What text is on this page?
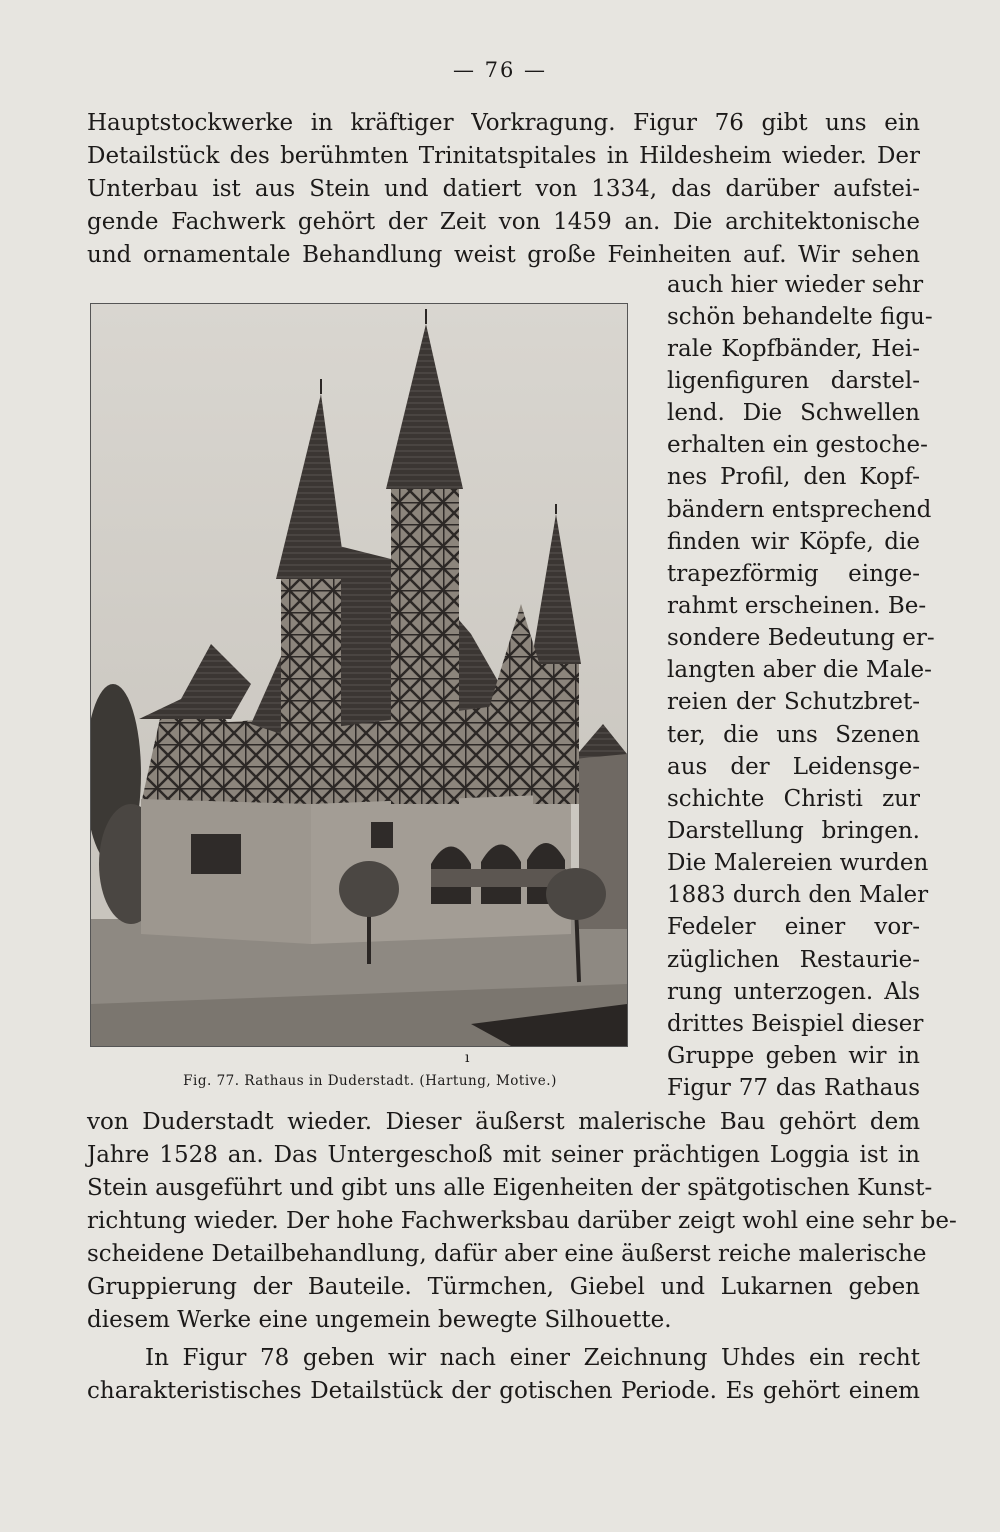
— 76 —

Hauptstockwerke in kräftiger Vorkragung. Figur 76 gibt uns ein

Detailstück des berühmten Trinitatspitales in Hildesheim wieder. Der

Unterbau ist aus Stein und datiert von 1334, das darüber aufstei-

gende Fachwerk gehört der Zeit von 1459 an. Die architektonische

und ornamentale Behandlung weist große Feinheiten auf. Wir sehen

ı
Fig. 77. Rathaus in Duderstadt. (Hartung, Motive.)

auch hier wieder sehr

schön behandelte figu-

rale Kopfbänder, Hei-

ligenfiguren darstel-

lend. Die Schwellen

erhalten ein gestoche-

nes Profil, den Kopf-

bändern entsprechend

finden wir Köpfe, die

trapezförmig einge-

rahmt erscheinen. Be-

sondere Bedeutung er-

langten aber die Male-

reien der Schutzbret-

ter, die uns Szenen

aus der Leidensge-

schichte Christi zur

Darstellung bringen.

Die Malereien wurden

1883 durch den Maler

Fedeler einer vor-

züglichen Restaurie-

rung unterzogen. Als

drittes Beispiel dieser

Gruppe geben wir in

Figur 77 das Rathaus

von Duderstadt wieder. Dieser äußerst malerische Bau gehört dem

Jahre 1528 an. Das Untergeschoß mit seiner prächtigen Loggia ist in

Stein ausgeführt und gibt uns alle Eigenheiten der spätgotischen Kunst-

richtung wieder. Der hohe Fachwerksbau darüber zeigt wohl eine sehr be-

scheidene Detailbehandlung, dafür aber eine äußerst reiche malerische

Gruppierung der Bauteile. Türmchen, Giebel und Lukarnen geben

diesem Werke eine ungemein bewegte Silhouette.

In Figur 78 geben wir nach einer Zeichnung Uhdes ein recht

charakteristisches Detailstück der gotischen Periode. Es gehört einem
